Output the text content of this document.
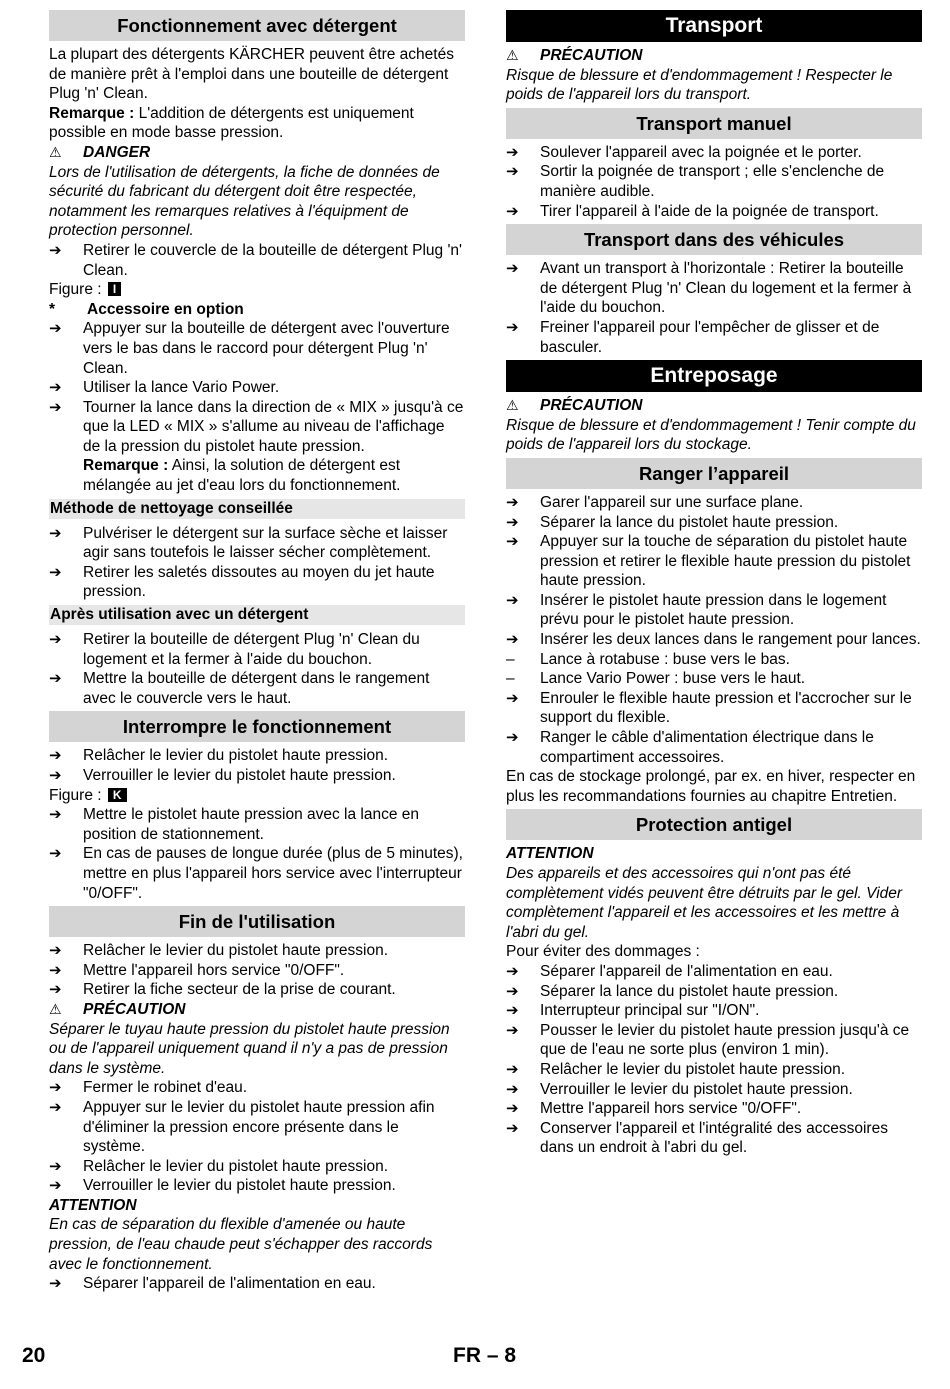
Fonctionnement avec détergent

La plupart des détergents KÄRCHER peuvent être achetés de manière prêt à l'emploi dans une bouteille de détergent Plug 'n' Clean.

Remarque : L'addition de détergents est uniquement possible en mode basse pression.

⚠ DANGER

Lors de l'utilisation de détergents, la fiche de données de sécurité du fabricant du détergent doit être respectée, notamment les remarques relatives à l'équipment de protection personnel.

➔	Retirer le couvercle de la bouteille de détergent Plug 'n' Clean.

Figure : I

* Accessoire en option
➔	Appuyer sur la bouteille de détergent avec l'ouverture vers le bas dans le raccord pour détergent Plug 'n' Clean.
➔	Utiliser la lance Vario Power.
➔	Tourner la lance dans la direction de « MIX » jusqu'à ce que la LED « MIX » s'allume au niveau de l'affichage de la pression du pistolet haute pression.
Remarque : Ainsi, la solution de détergent est mélangée au jet d'eau lors du fonctionnement.
Méthode de nettoyage conseillée
➔	Pulvériser le détergent sur la surface sèche et laisser agir sans toutefois le laisser sécher complètement.
➔	Retirer les saletés dissoutes au moyen du jet haute pression.
Après utilisation avec un détergent
➔	Retirer la bouteille de détergent Plug 'n' Clean du logement et la fermer à l'aide du bouchon.
➔	Mettre la bouteille de détergent dans le rangement avec le couvercle vers le haut.
Interrompre le fonctionnement
➔	Relâcher le levier du pistolet haute pression.
➔	Verrouiller le levier du pistolet haute pression.

Figure : K

➔	Mettre le pistolet haute pression avec la lance en position de stationnement.
➔	En cas de pauses de longue durée (plus de 5 minutes), mettre en plus l'appareil hors service avec l'interrupteur "0/OFF".
Fin de l'utilisation
➔	Relâcher le levier du pistolet haute pression.
➔	Mettre l'appareil hors service "0/OFF".
➔	Retirer la fiche secteur de la prise de courant.

⚠ PRÉCAUTION

Séparer le tuyau haute pression du pistolet haute pression ou de l'appareil uniquement quand il n'y a pas de pression dans le système.

➔	Fermer le robinet d'eau.
➔	Appuyer sur le levier du pistolet haute pression afin d'éliminer la pression encore présente dans le système.
➔	Relâcher le levier du pistolet haute pression.
➔	Verrouiller le levier du pistolet haute pression.

ATTENTION

En cas de séparation du flexible d'amenée ou haute pression, de l'eau chaude peut s'échapper des raccords avec le fonctionnement.

➔	Séparer l'appareil de l'alimentation en eau.
Transport

⚠ PRÉCAUTION

Risque de blessure et d'endommagement ! Respecter le poids de l'appareil lors du transport.

Transport manuel
➔	Soulever l'appareil avec la poignée et le porter.
➔	Sortir la poignée de transport ; elle s'enclenche de manière audible.
➔	Tirer l'appareil à l'aide de la poignée de transport.
Transport dans des véhicules
➔	Avant un transport à l'horizontale : Retirer la bouteille de détergent Plug 'n' Clean du logement et la fermer à l'aide du bouchon.
➔	Freiner l'appareil pour l'empêcher de glisser et de basculer.
Entreposage

⚠ PRÉCAUTION

Risque de blessure et d'endommagement ! Tenir compte du poids de l'appareil lors du stockage.

Ranger l’appareil
➔	Garer l'appareil sur une surface plane.
➔	Séparer la lance du pistolet haute pression.
➔	Appuyer sur la touche de séparation du pistolet haute pression et retirer le flexible haute pression du pistolet haute pression.
➔	Insérer le pistolet haute pression dans le logement prévu pour le pistolet haute pression.
➔	Insérer les deux lances dans le rangement pour lances.
– Lance à rotabuse : buse vers le bas.
– Lance Vario Power : buse vers le haut.
➔	Enrouler le flexible haute pression et l'accrocher sur le support du flexible.
➔	Ranger le câble d'alimentation électrique dans le compartiment accessoires.

En cas de stockage prolongé, par ex. en hiver, respecter en plus les recommandations fournies au chapitre Entretien.

Protection antigel

ATTENTION

Des appareils et des accessoires qui n'ont pas été complètement vidés peuvent être détruits par le gel. Vider complètement l'appareil et les accessoires et les mettre à l'abri du gel.

Pour éviter des dommages :

➔	Séparer l'appareil de l'alimentation en eau.
➔	Séparer la lance du pistolet haute pression.
➔	Interrupteur principal sur "I/ON".
➔	Pousser le levier du pistolet haute pression jusqu'à ce que de l'eau ne sorte plus (environ 1 min).
➔	Relâcher le levier du pistolet haute pression.
➔	Verrouiller le levier du pistolet haute pression.
➔	Mettre l'appareil hors service "0/OFF".
➔	Conserver l'appareil et l'intégralité des accessoires dans un endroit à l'abri du gel.
20	FR – 8
